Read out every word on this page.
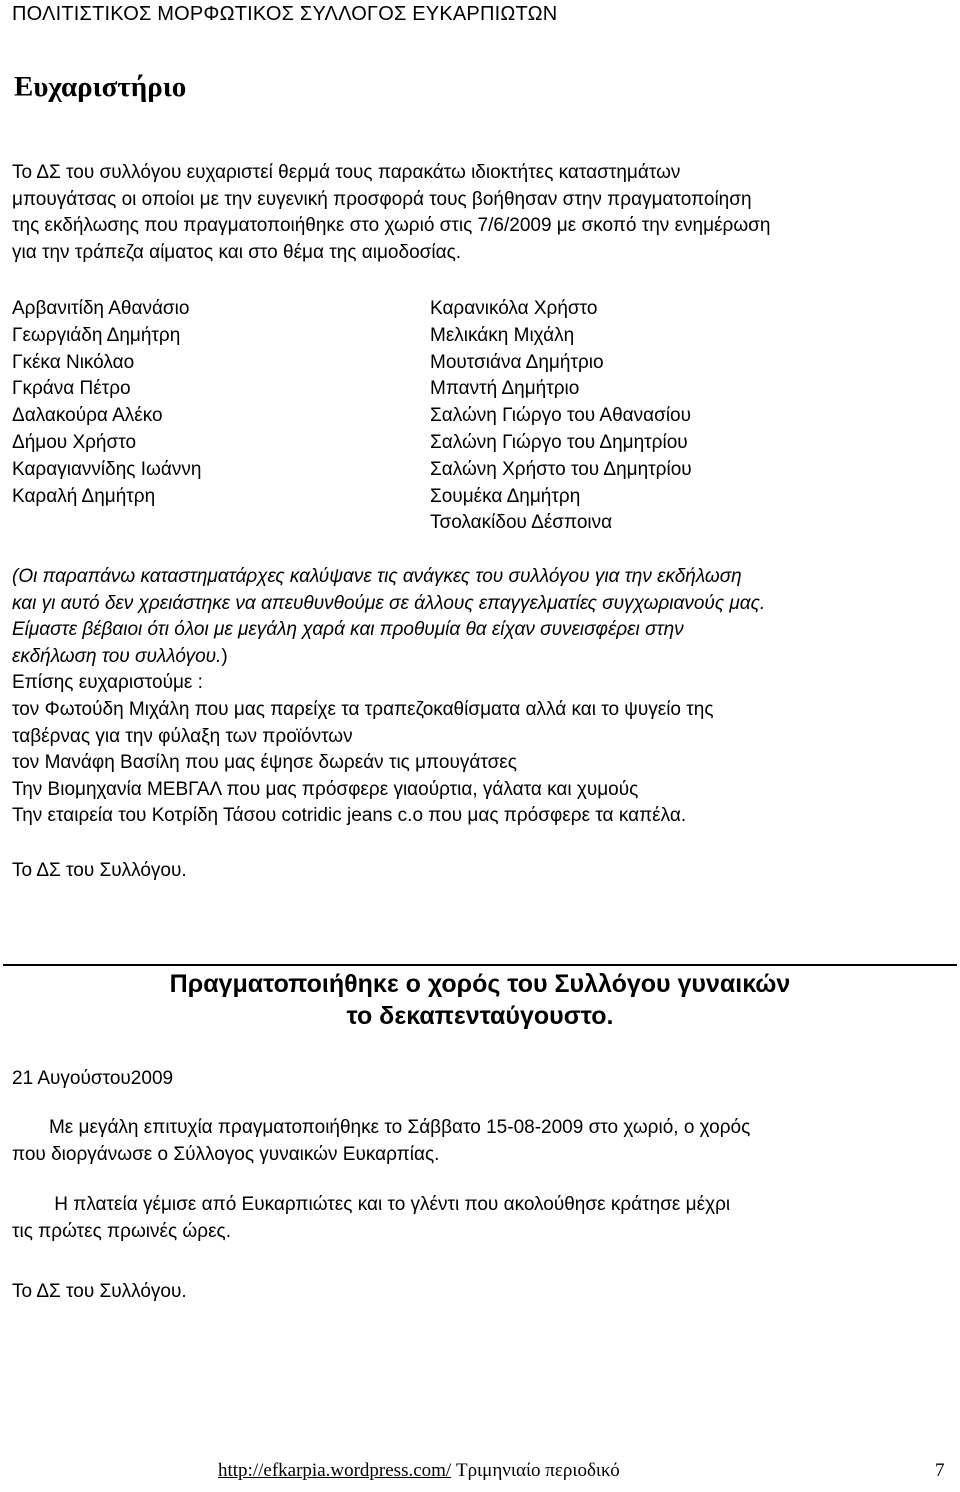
ΠΟΛΙΤΙΣΤΙΚΟΣ ΜΟΡΦΩΤΙΚΟΣ ΣΥΛΛΟΓΟΣ ΕΥΚΑΡΠΙΩΤΩΝ
Ευχαριστήριο
Το ΔΣ του συλλόγου ευχαριστεί θερμά τους παρακάτω ιδιοκτήτες καταστημάτων
μπουγάτσας οι οποίοι με την ευγενική προσφορά τους βοήθησαν στην πραγματοποίηση
της εκδήλωσης που πραγματοποιήθηκε στο χωριό στις 7/6/2009 με σκοπό την ενημέρωση
για την τράπεζα αίματος και στο θέμα της αιμοδοσίας.
Αρβανιτίδη Αθανάσιο
Γεωργιάδη Δημήτρη
Γκέκα Νικόλαο
Γκράνα Πέτρο
Δαλακούρα Αλέκο
Δήμου Χρήστο
Καραγιαννίδης Ιωάννη
Καραλή Δημήτρη
Καρανικόλα Χρήστο
Μελικάκη Μιχάλη
Μουτσιάνα Δημήτριο
Μπαντή Δημήτριο
Σαλώνη Γιώργο του Αθανασίου
Σαλώνη Γιώργο του Δημητρίου
Σαλώνη Χρήστο του Δημητρίου
Σουμέκα Δημήτρη
Τσολακίδου Δέσποινα
(Οι παραπάνω καταστηματάρχες καλύψανε τις ανάγκες του συλλόγου για την εκδήλωση
και γι αυτό δεν χρειάστηκε να απευθυνθούμε σε άλλους επαγγελματίες συγχωριανούς μας.
Είμαστε βέβαιοι ότι όλοι με μεγάλη χαρά και προθυμία θα είχαν συνεισφέρει στην
εκδήλωση του συλλόγου.)
Επίσης ευχαριστούμε :
τον Φωτούδη Μιχάλη που μας παρείχε τα τραπεζοκαθίσματα αλλά και το ψυγείο της
ταβέρνας για την φύλαξη των προϊόντων
τον Μανάφη Βασίλη που μας έψησε δωρεάν τις μπουγάτσες
Την Βιομηχανία ΜΕΒΓΑΛ που μας πρόσφερε γιαούρτια, γάλατα και χυμούς
Την εταιρεία του Κοτρίδη Τάσου cotridic jeans c.o που μας πρόσφερε τα καπέλα.
Το ΔΣ του Συλλόγου.
Πραγματοποιήθηκε ο χορός του Συλλόγου γυναικών
το δεκαπενταύγουστο.
21 Αυγούστου2009
Με μεγάλη επιτυχία πραγματοποιήθηκε το Σάββατο 15-08-2009 στο χωριό, ο χορός
που διοργάνωσε ο Σύλλογος γυναικών Ευκαρπίας.
Η πλατεία γέμισε από Ευκαρπιώτες και το γλέντι που ακολούθησε κράτησε μέχρι
τις πρώτες πρωινές ώρες.
Το ΔΣ του Συλλόγου.
http://efkarpia.wordpress.com/ Τριμηνιαίο περιοδικό	7
